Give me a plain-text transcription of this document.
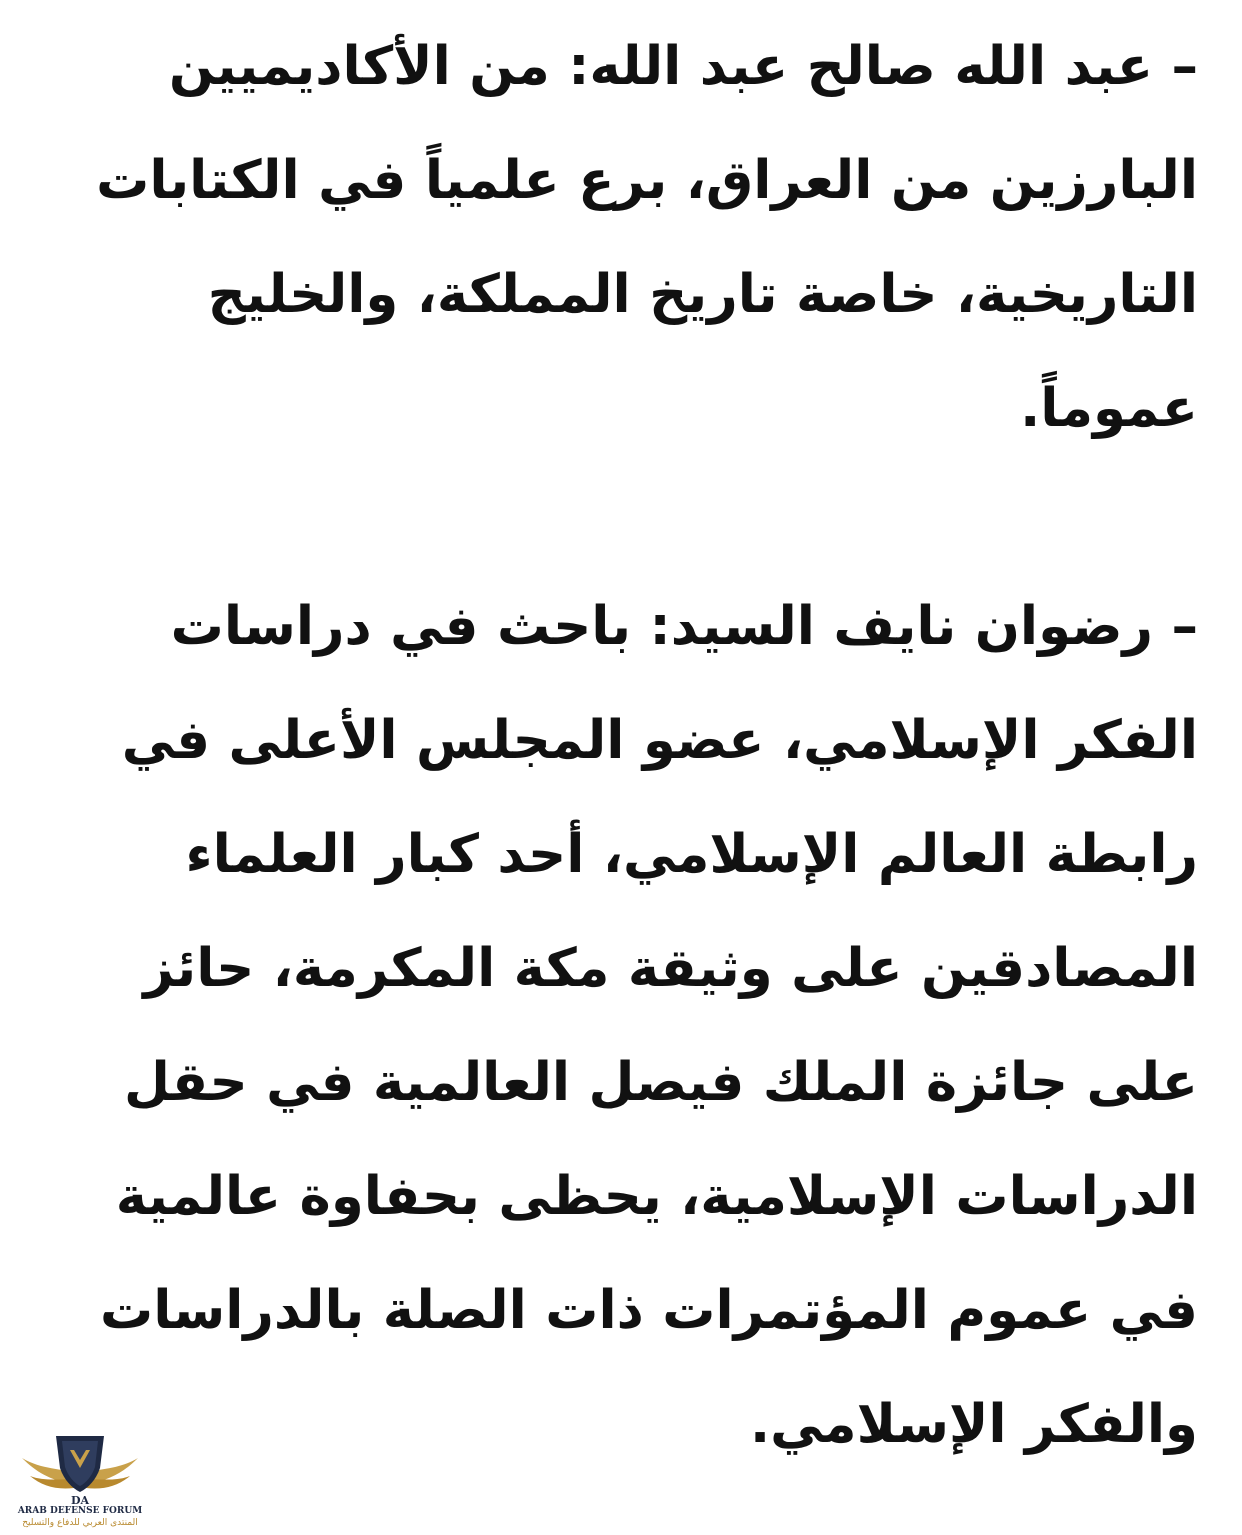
– عبد الله صالح عبد الله: من الأكاديميين البارزين من العراق، برع علمياً في الكتابات التاريخية، خاصة تاريخ المملكة، والخليج عموماً.

– رضوان نايف السيد: باحث في دراسات الفكر الإسلامي، عضو المجلس الأعلى في رابطة العالم الإسلامي، أحد كبار العلماء المصادقين على وثيقة مكة المكرمة، حائز على جائزة الملك فيصل العالمية في حقل الدراسات الإسلامية، يحظى بحفاوة عالمية في عموم المؤتمرات ذات الصلة بالدراسات والفكر الإسلامي.

DA
ARAB DEFENSE FORUM
المنتدى العربي للدفاع والتسليح
